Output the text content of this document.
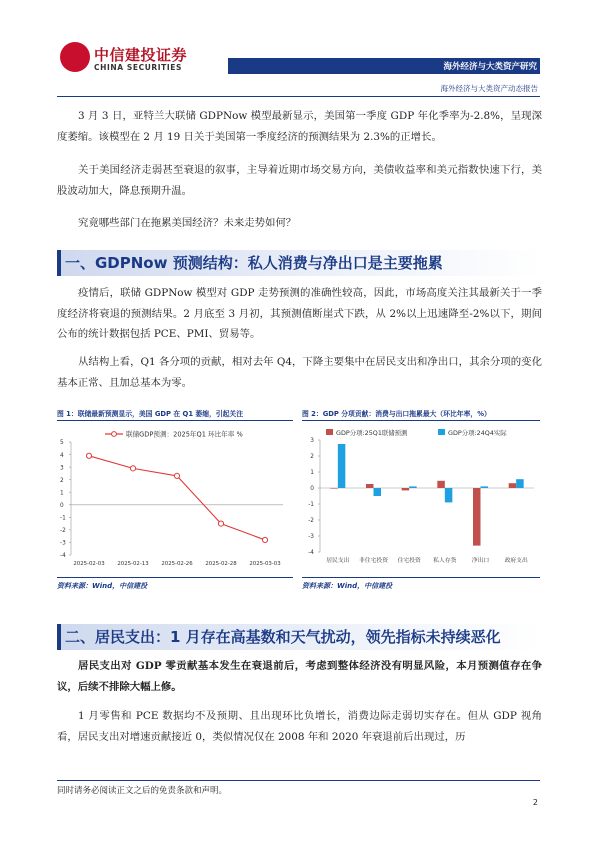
中信建投证券
CHINA SECURITIES	海外经济与大类资产研究
海外经济与大类资产动态报告

3 月 3 日，亚特兰大联储 GDPNow 模型最新显示，美国第一季度 GDP 年化季率为-2.8%，呈现深度萎缩。该模型在 2 月 19 日关于美国第一季度经济的预测结果为 2.3%的正增长。

关于美国经济走弱甚至衰退的叙事，主导着近期市场交易方向，美债收益率和美元指数快速下行，美股波动加大，降息预期升温。

究竟哪些部门在拖累美国经济？未来走势如何？

一、GDPNow 预测结构：私人消费与净出口是主要拖累

疫情后，联储 GDPNow 模型对 GDP 走势预测的准确性较高，因此，市场高度关注其最新关于一季度经济将衰退的预测结果。2 月底至 3 月初，其预测值断崖式下跌，从 2%以上迅速降至-2%以下，期间公布的统计数据包括 PCE、PMI、贸易等。

从结构上看，Q1 各分项的贡献，相对去年 Q4，下降主要集中在居民支出和净出口，其余分项的变化基本正常、且加总基本为零。

图 1：联储最新预测显示，美国 GDP 在 Q1 萎缩，引起关注	图 2：GDP 分项贡献：消费与出口拖累最大（环比年率，%）
联储GDP预测：2025年Q1 环比年率 %
5
4
3
2
1
0
-1
-2
-3
-4
2025-02-03 2025-02-13 2025-02-26 2025-02-28 2025-03-03
GDP分项:25Q1联储预测	GDP分项:24Q4实际
3
2
1
0
-1
-2
-3
-4
居民支出 非住宅投资 住宅投资 私人存货	净出口	政府支出
资料来源：Wind，中信建投	资料来源：Wind，中信建投
二、居民支出：1 月存在高基数和天气扰动，领先指标未持续恶化

居民支出对 GDP 零贡献基本发生在衰退前后，考虑到整体经济没有明显风险，本月预测值存在争议，后续不排除大幅上修。

1 月零售和 PCE 数据均不及预期、且出现环比负增长，消费边际走弱切实存在。但从 GDP 视角看，居民支出对增速贡献接近 0，类似情况仅在 2008 年和 2020 年衰退前后出现过，历

同时请务必阅读正文之后的免责条款和声明。
2
